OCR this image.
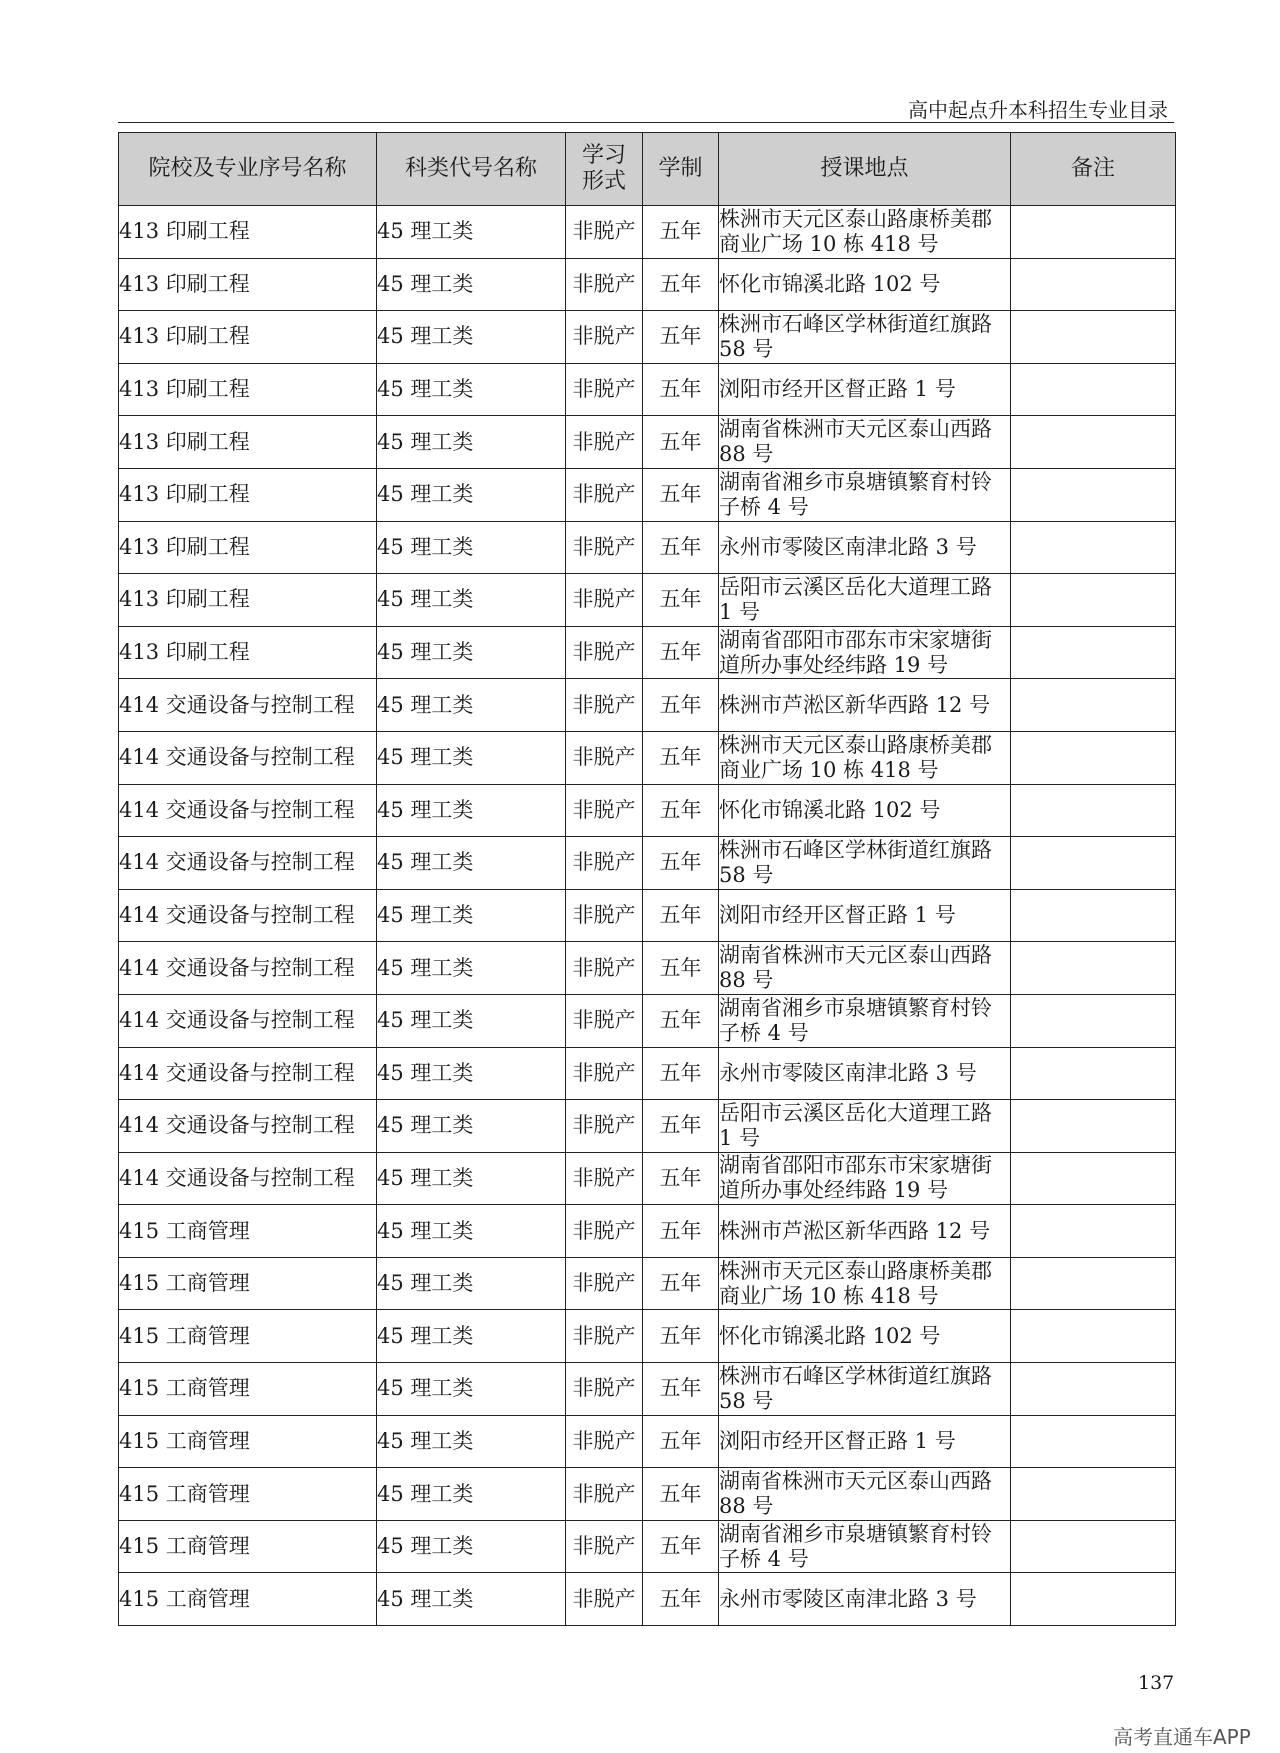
高中起点升本科招生专业目录
院校及专业序号名称	科类代号名称	学习形式	学制	授课地点	备注
413 印刷工程	45 理工类	非脱产	五年	株洲市天元区泰山路康桥美郡商业广场 10 栋 418 号	
413 印刷工程	45 理工类	非脱产	五年	怀化市锦溪北路 102 号	
413 印刷工程	45 理工类	非脱产	五年	株洲市石峰区学林街道红旗路 58 号	
413 印刷工程	45 理工类	非脱产	五年	浏阳市经开区督正路 1 号	
413 印刷工程	45 理工类	非脱产	五年	湖南省株洲市天元区泰山西路 88 号	
413 印刷工程	45 理工类	非脱产	五年	湖南省湘乡市泉塘镇繁育村铃子桥 4 号	
413 印刷工程	45 理工类	非脱产	五年	永州市零陵区南津北路 3 号	
413 印刷工程	45 理工类	非脱产	五年	岳阳市云溪区岳化大道理工路 1 号	
413 印刷工程	45 理工类	非脱产	五年	湖南省邵阳市邵东市宋家塘街道所办事处经纬路 19 号	
414 交通设备与控制工程	45 理工类	非脱产	五年	株洲市芦淞区新华西路 12 号	
414 交通设备与控制工程	45 理工类	非脱产	五年	株洲市天元区泰山路康桥美郡商业广场 10 栋 418 号	
414 交通设备与控制工程	45 理工类	非脱产	五年	怀化市锦溪北路 102 号	
414 交通设备与控制工程	45 理工类	非脱产	五年	株洲市石峰区学林街道红旗路 58 号	
414 交通设备与控制工程	45 理工类	非脱产	五年	浏阳市经开区督正路 1 号	
414 交通设备与控制工程	45 理工类	非脱产	五年	湖南省株洲市天元区泰山西路 88 号	
414 交通设备与控制工程	45 理工类	非脱产	五年	湖南省湘乡市泉塘镇繁育村铃子桥 4 号	
414 交通设备与控制工程	45 理工类	非脱产	五年	永州市零陵区南津北路 3 号	
414 交通设备与控制工程	45 理工类	非脱产	五年	岳阳市云溪区岳化大道理工路 1 号	
414 交通设备与控制工程	45 理工类	非脱产	五年	湖南省邵阳市邵东市宋家塘街道所办事处经纬路 19 号	
415 工商管理	45 理工类	非脱产	五年	株洲市芦淞区新华西路 12 号	
415 工商管理	45 理工类	非脱产	五年	株洲市天元区泰山路康桥美郡商业广场 10 栋 418 号	
415 工商管理	45 理工类	非脱产	五年	怀化市锦溪北路 102 号	
415 工商管理	45 理工类	非脱产	五年	株洲市石峰区学林街道红旗路 58 号	
415 工商管理	45 理工类	非脱产	五年	浏阳市经开区督正路 1 号	
415 工商管理	45 理工类	非脱产	五年	湖南省株洲市天元区泰山西路 88 号	
415 工商管理	45 理工类	非脱产	五年	湖南省湘乡市泉塘镇繁育村铃子桥 4 号	
415 工商管理	45 理工类	非脱产	五年	永州市零陵区南津北路 3 号	
137
高考直通车APP
